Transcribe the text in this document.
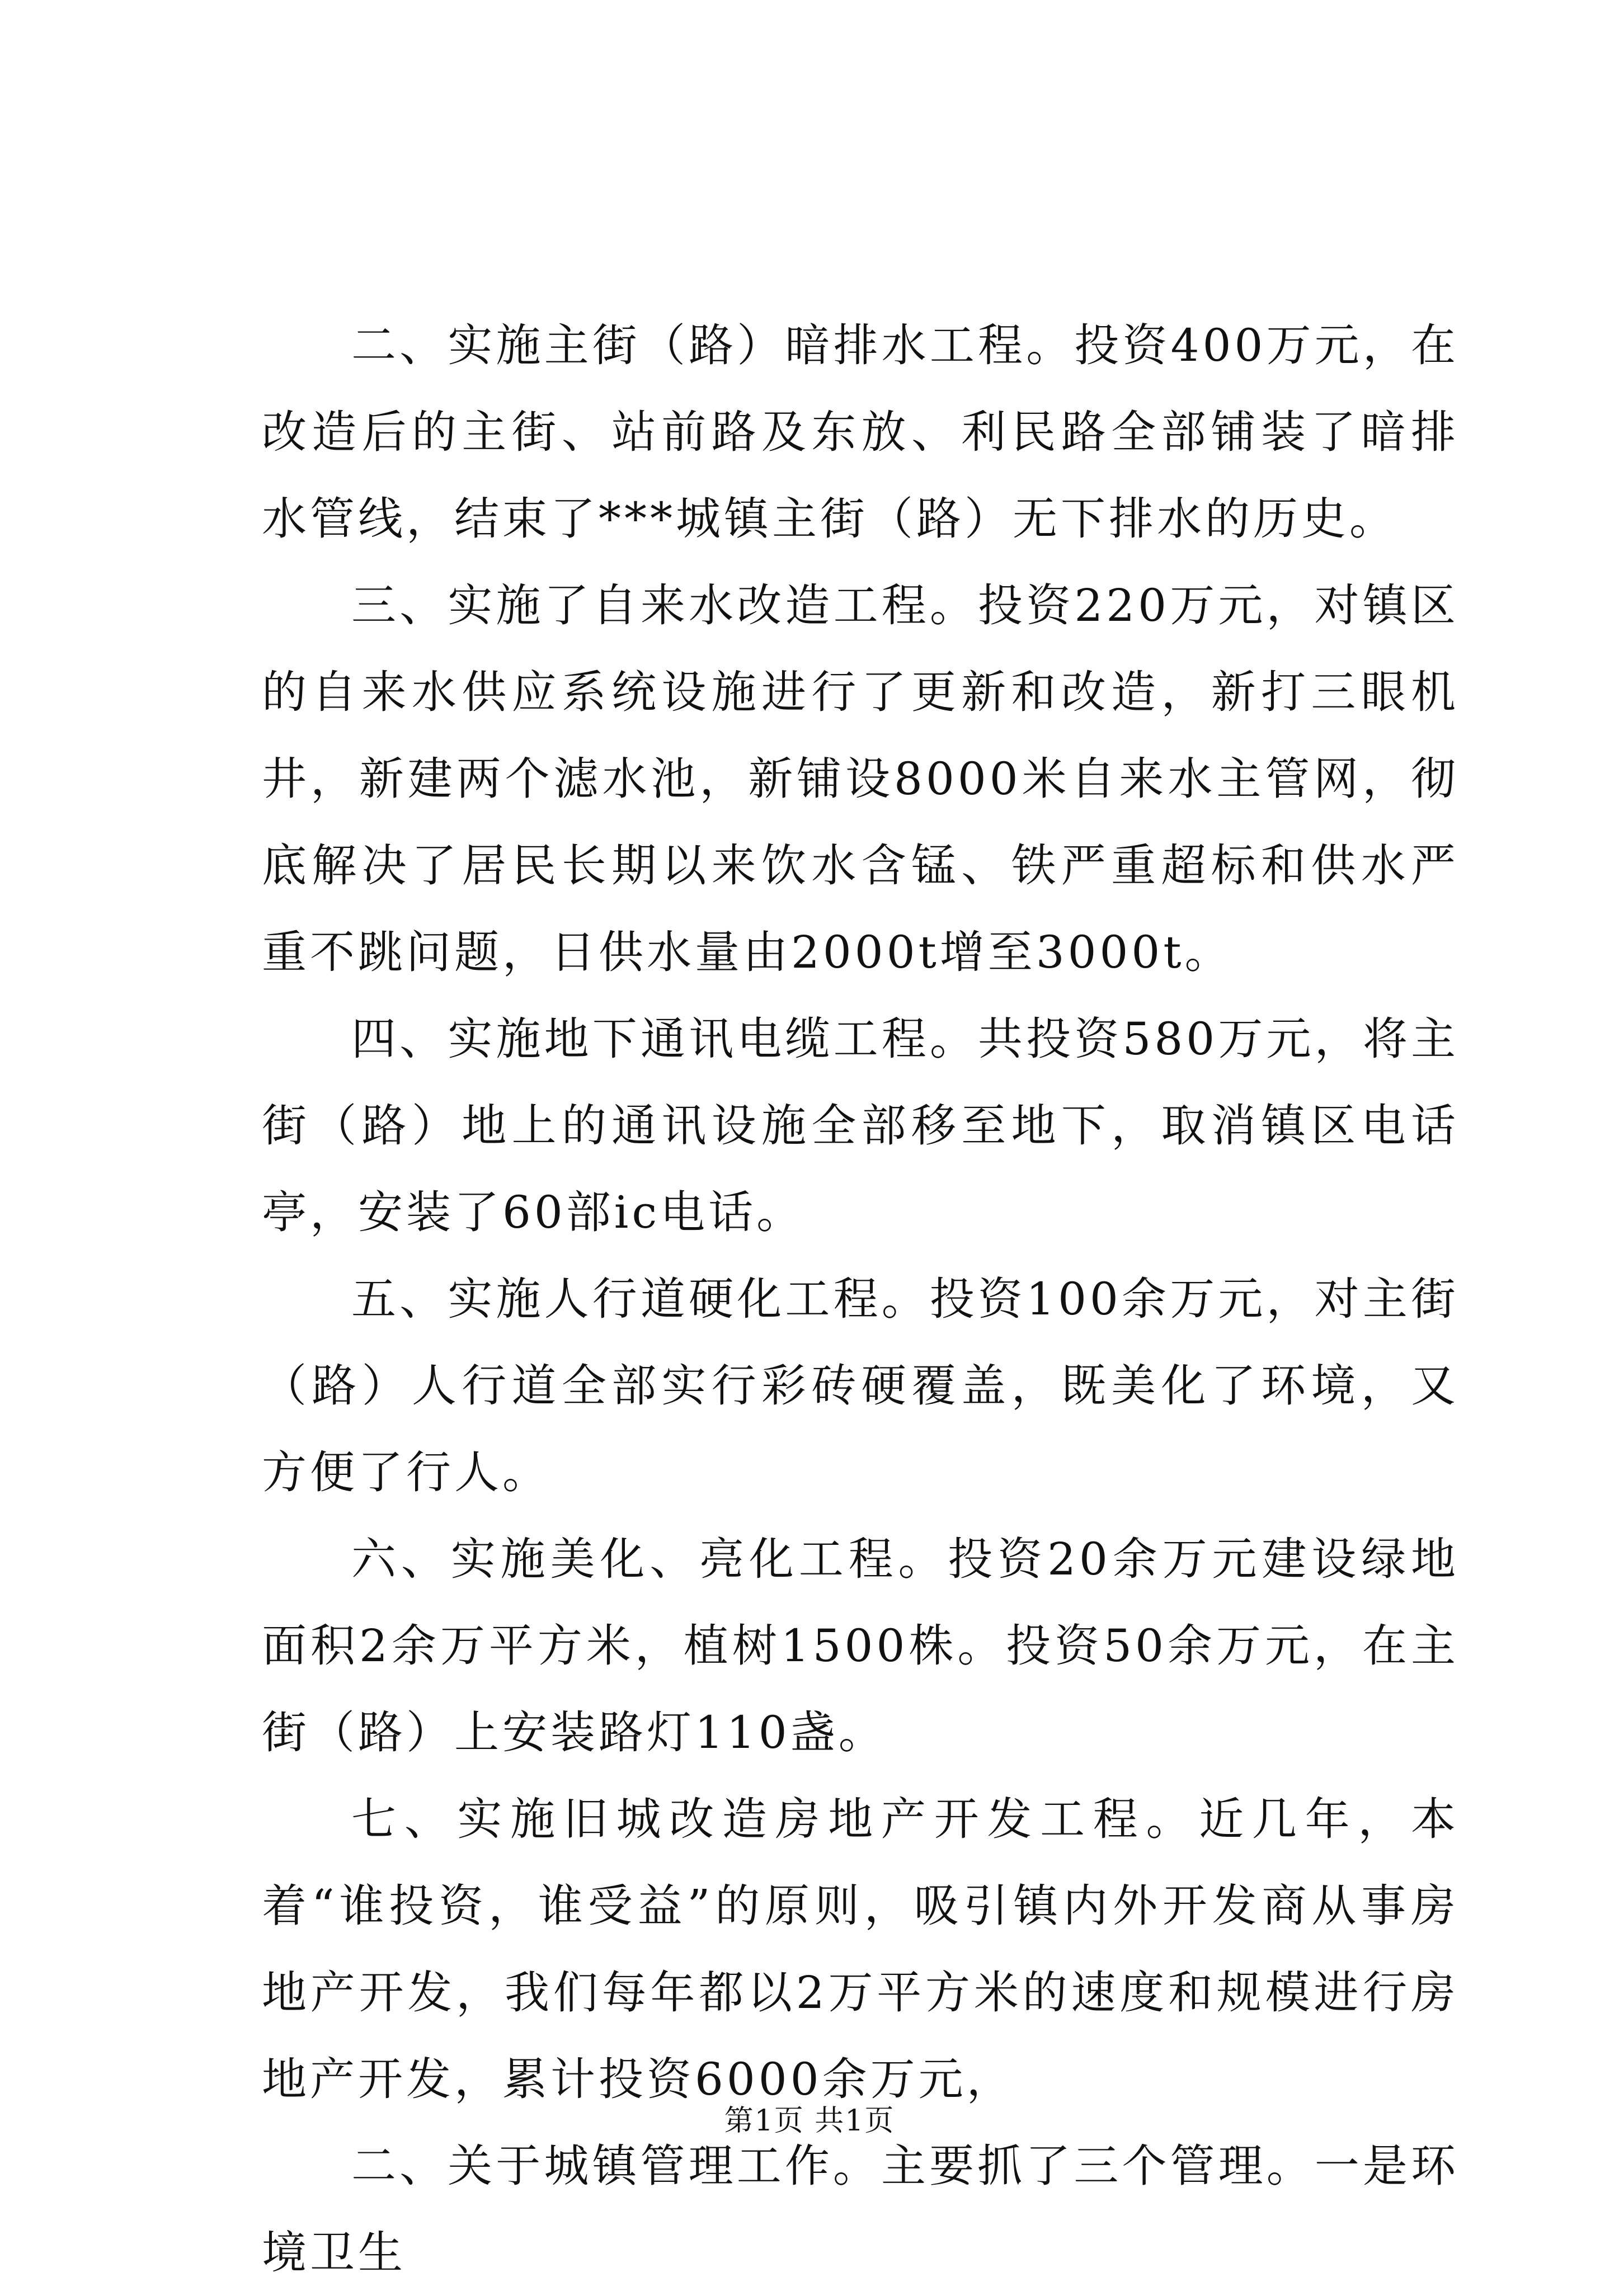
二、实施主街（路）暗排水工程。投资400万元，在改造后的主街、站前路及东放、利民路全部铺装了暗排水管线，结束了***城镇主街（路）无下排水的历史。

三、实施了自来水改造工程。投资220万元，对镇区的自来水供应系统设施进行了更新和改造，新打三眼机井，新建两个滤水池，新铺设8000米自来水主管网，彻底解决了居民长期以来饮水含锰、铁严重超标和供水严重不跳问题，日供水量由2000t增至3000t。

四、实施地下通讯电缆工程。共投资580万元，将主街（路）地上的通讯设施全部移至地下，取消镇区电话亭，安装了60部ic电话。

五、实施人行道硬化工程。投资100余万元，对主街（路）人行道全部实行彩砖硬覆盖，既美化了环境，又方便了行人。

六、实施美化、亮化工程。投资20余万元建设绿地面积2余万平方米，植树1500株。投资50余万元，在主街（路）上安装路灯110盏。

七、实施旧城改造房地产开发工程。近几年，本着“谁投资，谁受益”的原则，吸引镇内外开发商从事房地产开发，我们每年都以2万平方米的速度和规模进行房地产开发，累计投资6000余万元，

二、关于城镇管理工作。主要抓了三个管理。一是环境卫生

第1页 共1页
